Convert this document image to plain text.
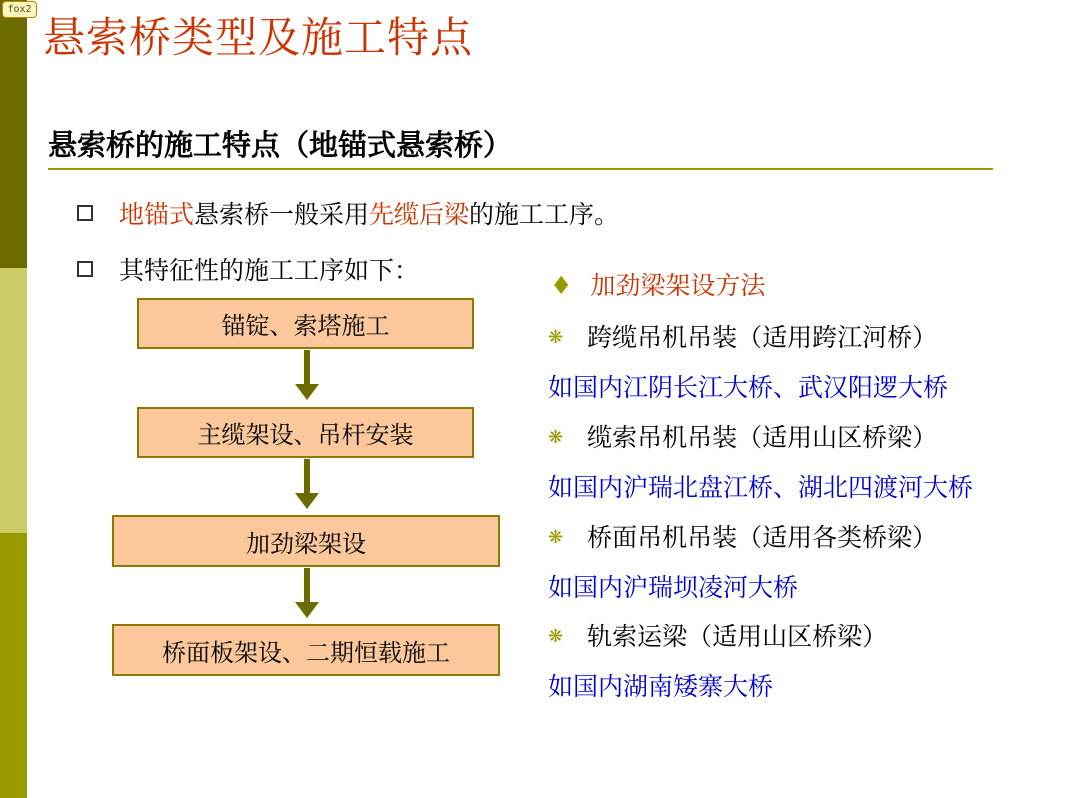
fox2
悬索桥类型及施工特点
悬索桥的施工特点（地锚式悬索桥）
地锚式悬索桥一般采用先缆后梁的施工工序。
其特征性的施工工序如下：
锚锭、索塔施工
主缆架设、吊杆安装
加劲梁架设
桥面板架设、二期恒载施工
♦ 加劲梁架设方法
❋ 跨缆吊机吊装（适用跨江河桥）
如国内江阴长江大桥、武汉阳逻大桥
❋ 缆索吊机吊装（适用山区桥梁）
如国内沪瑞北盘江桥、湖北四渡河大桥
❋ 桥面吊机吊装（适用各类桥梁）
如国内沪瑞坝凌河大桥
❋ 轨索运梁（适用山区桥梁）
如国内湖南矮寨大桥
